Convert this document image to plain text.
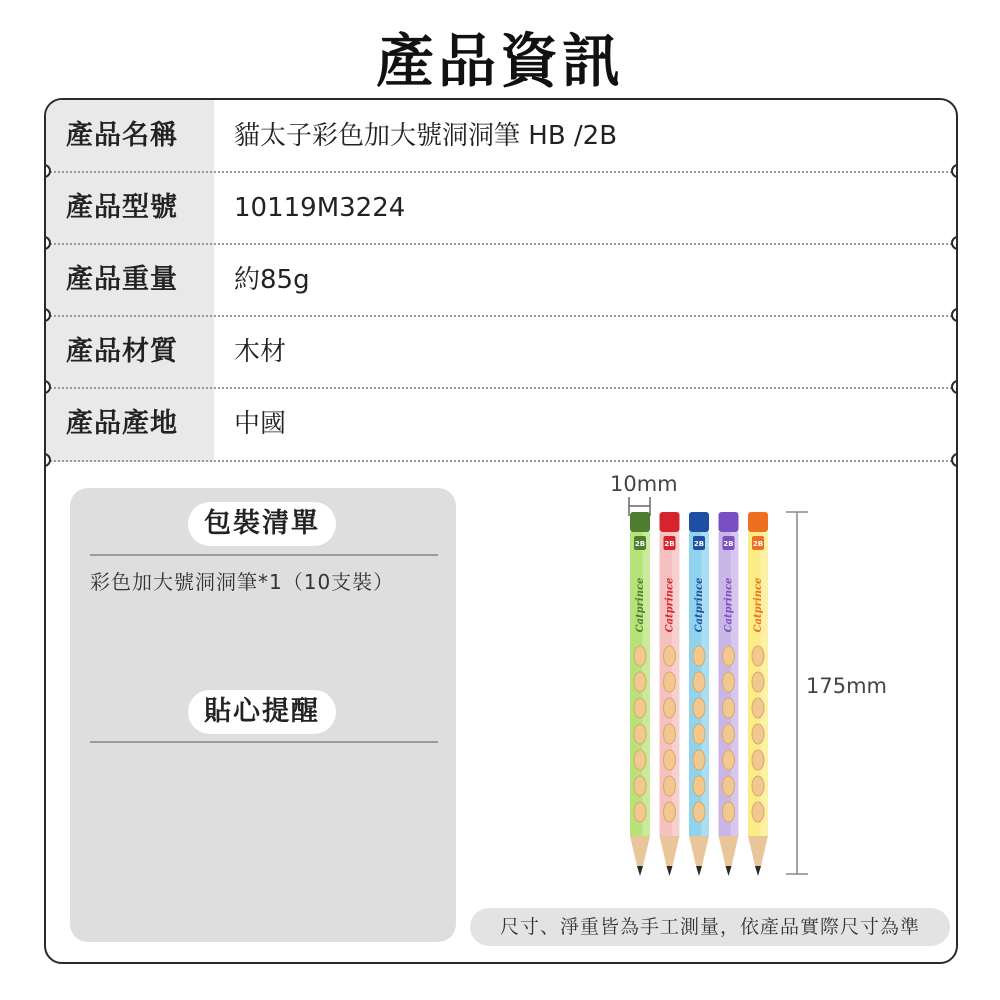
產品資訊
產品名稱 貓太子彩色加大號洞洞筆 HB /2B
產品型號 10119M3224
產品重量 約85g
產品材質 木材
產品產地 中國
包裝清單
彩色加大號洞洞筆*1（10支裝）
貼心提醒
10mm
175mm
2B
Catprince
2B
Catprince
2B
Catprince
2B
Catprince
2B
Catprince
尺寸、淨重皆為手工測量，依產品實際尺寸為準
